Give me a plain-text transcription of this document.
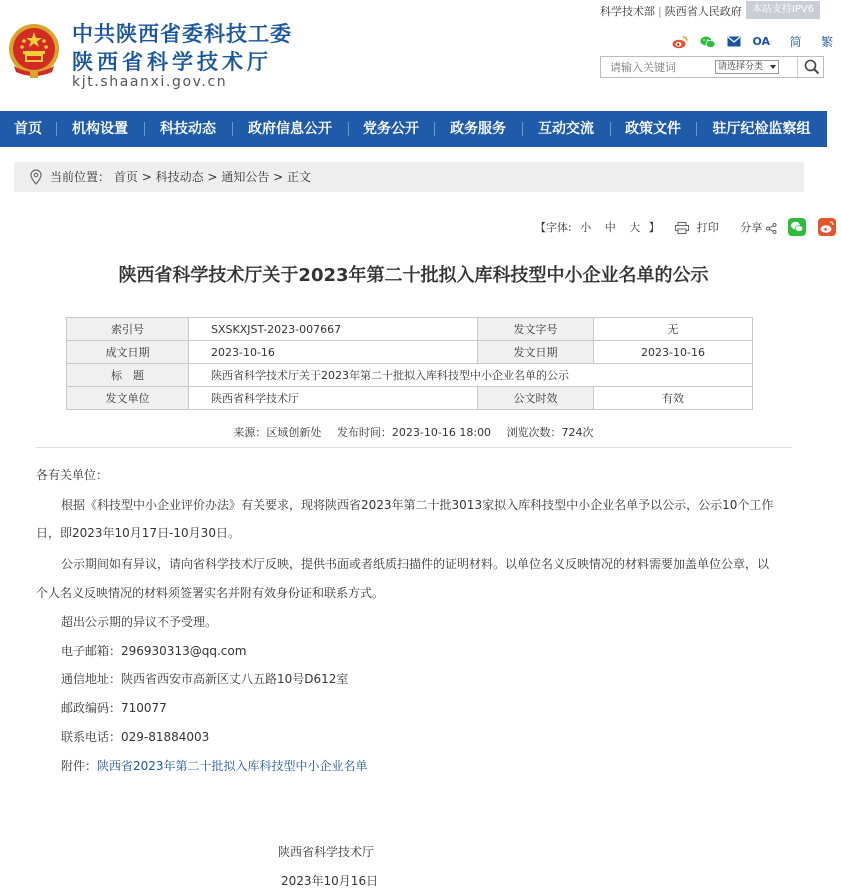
中共陕西省委科技工委
陕西省科学技术厅
kjt.shaanxi.gov.cn
科学技术部 | 陕西省人民政府	本站支持IPV6
OA 简 繁
请输入关键词
请选择分类
首页	机构设置	科技动态	政府信息公开	党务公开	政务服务	互动交流	政策文件	驻厅纪检监察组
当前位置： 首页 > 科技动态 > 通知公告 > 正文
【字体: 小 中 大 】	打印 分享
陕西省科学技术厅关于2023年第二十批拟入库科技型中小企业名单的公示
索引号	SXSKXJST-2023-007667	发文字号	无
成文日期	2023-10-16	发文日期	2023-10-16
标　题	陕西省科学技术厅关于2023年第二十批拟入库科技型中小企业名单的公示		
发文单位	陕西省科学技术厅	公文时效	有效
来源：区域创新处 发布时间：2023-10-16 18:00 浏览次数：724次

各有关单位：

根据《科技型中小企业评价办法》有关要求，现将陕西省2023年第二十批3013家拟入库科技型中小企业名单予以公示，公示10个工作

日，即2023年10月17日-10月30日。

公示期间如有异议，请向省科学技术厅反映，提供书面或者纸质扫描件的证明材料。以单位名义反映情况的材料需要加盖单位公章，以

个人名义反映情况的材料须签署实名并附有效身份证和联系方式。

超出公示期的异议不予受理。

电子邮箱：296930313@qq.com

通信地址：陕西省西安市高新区丈八五路10号D612室

邮政编码：710077

联系电话：029-81884003

附件：陕西省2023年第二十批拟入库科技型中小企业名单

陕西省科学技术厅
2023年10月16日
